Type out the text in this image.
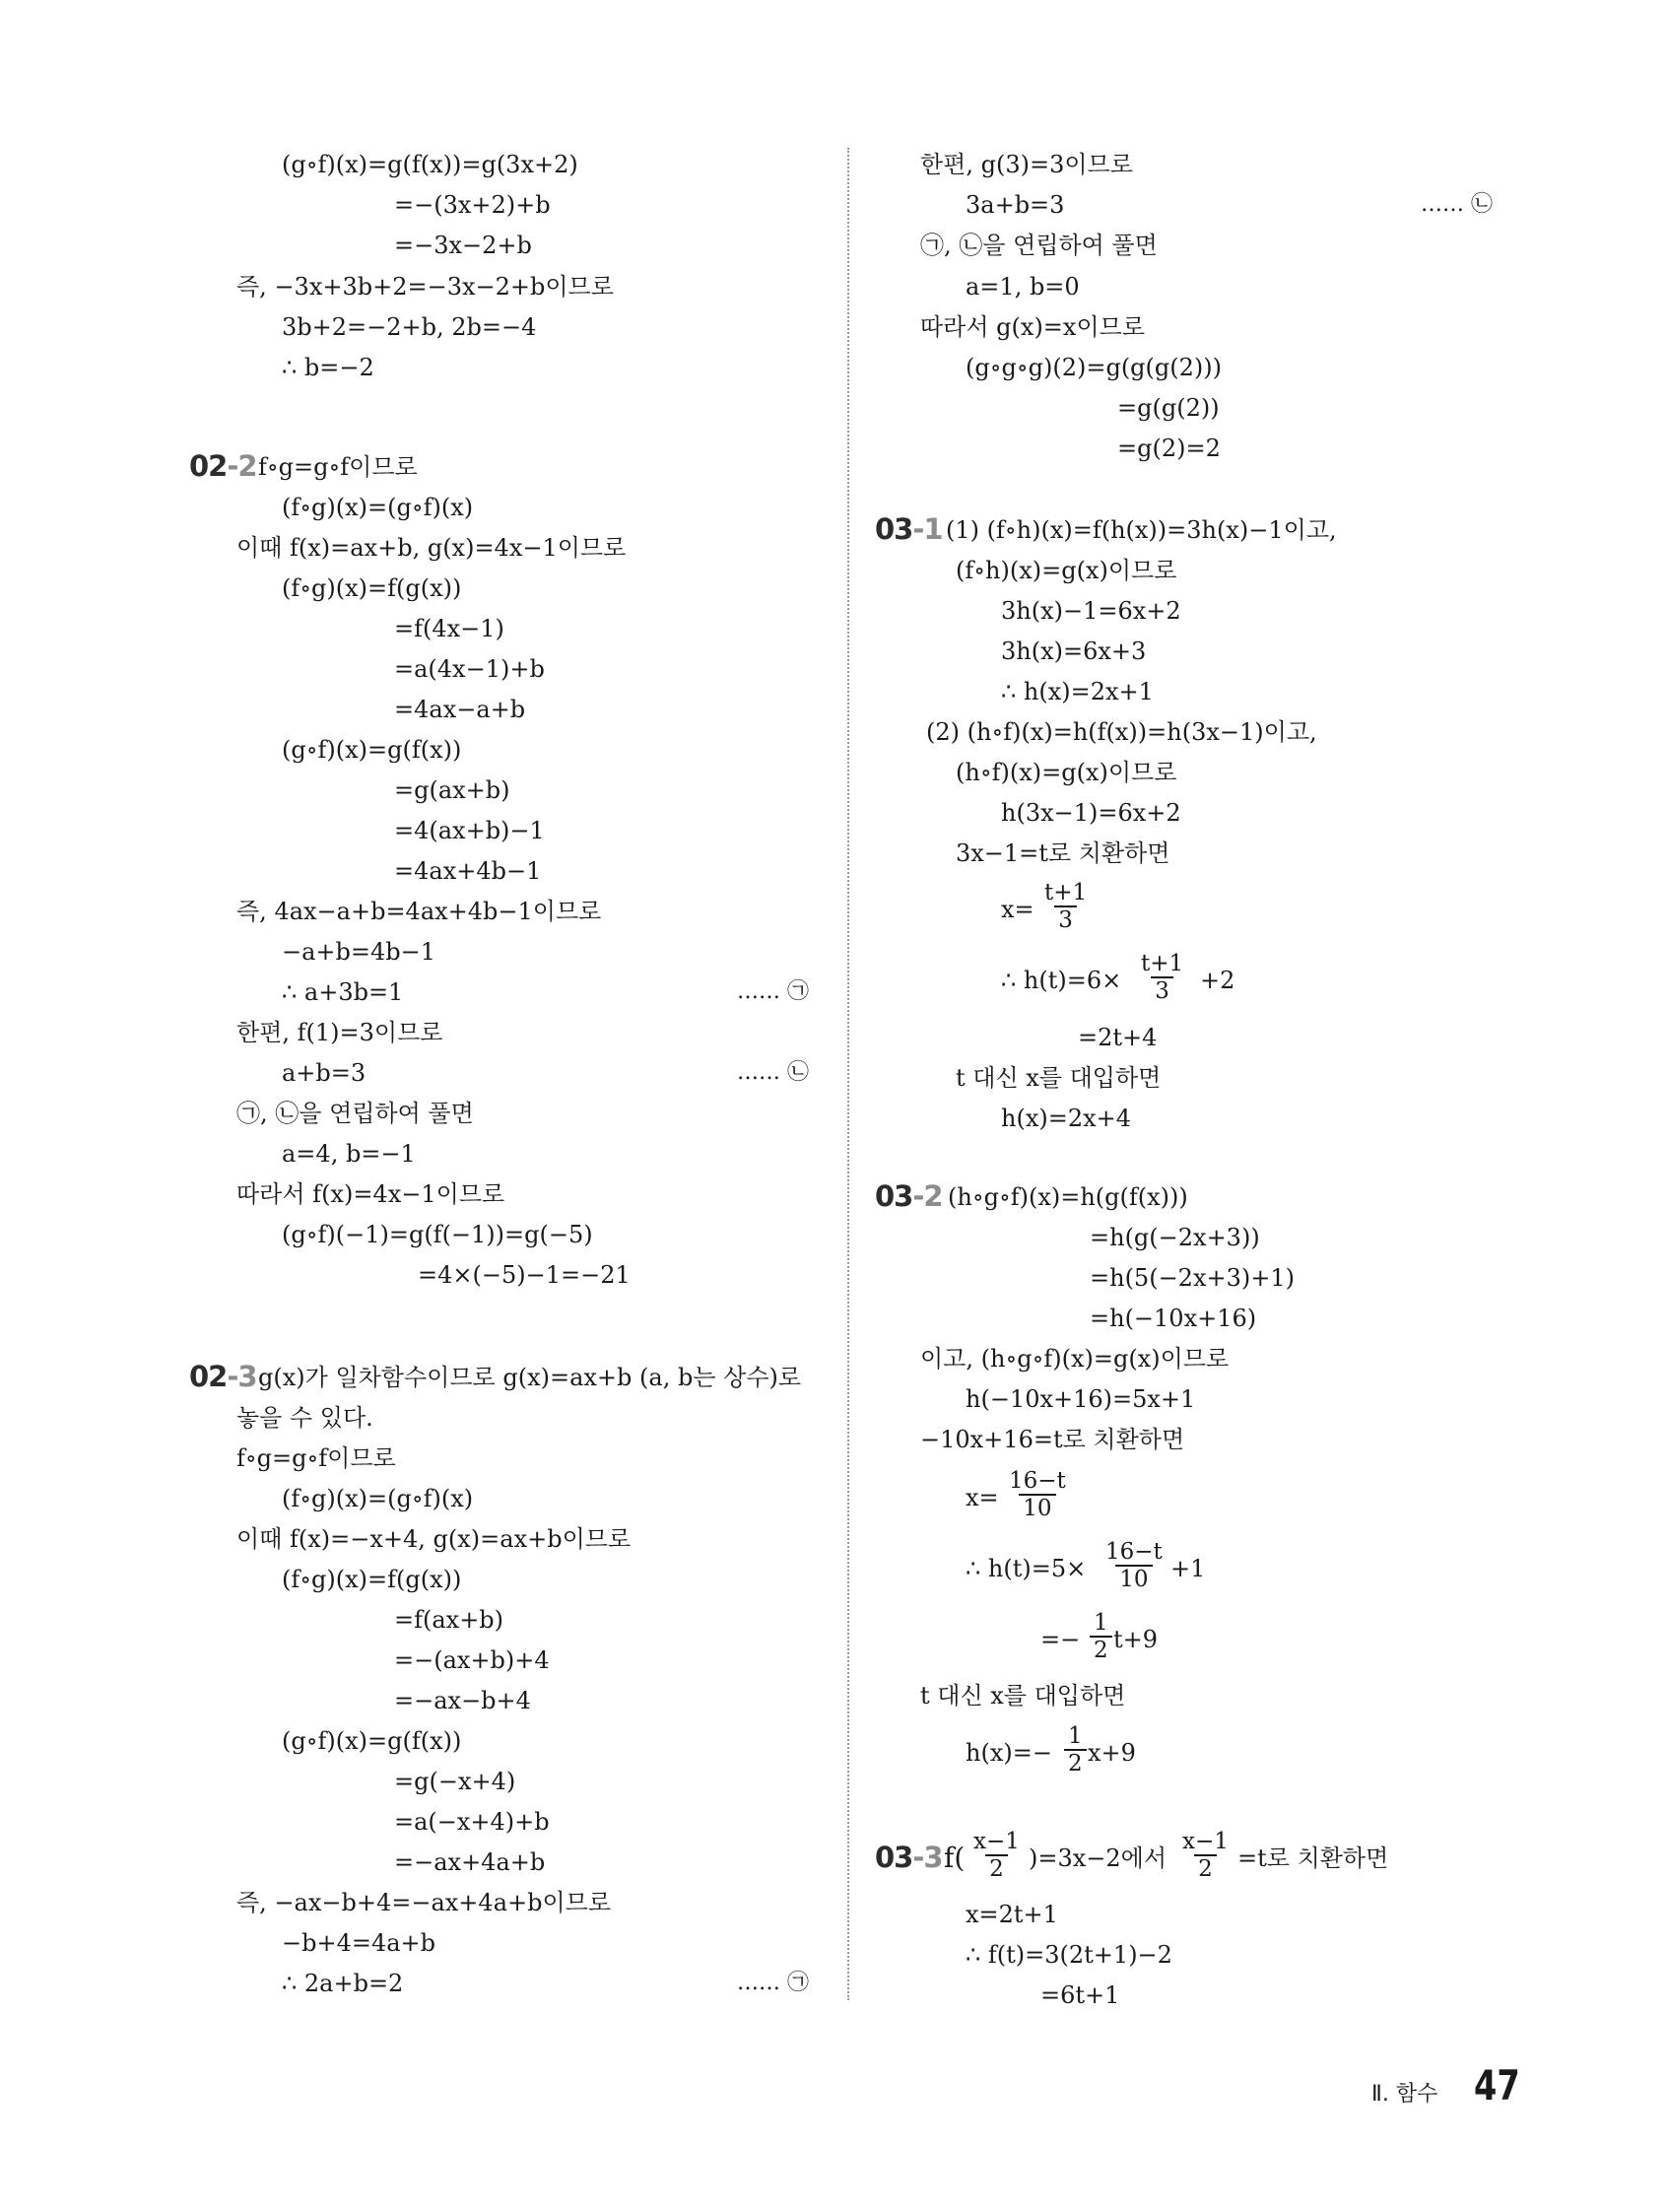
(g∘f)(x)=g(f(x))=g(3x+2)
=−(3x+2)+b
=−3x−2+b
즉, −3x+3b+2=−3x−2+b이므로
3b+2=−2+b, 2b=−4
∴ b=−2
02-2 f∘g=g∘f이므로
(f∘g)(x)=(g∘f)(x)
이때 f(x)=ax+b, g(x)=4x−1이므로
(f∘g)(x)=f(g(x))
=f(4x−1)
=a(4x−1)+b
=4ax−a+b
(g∘f)(x)=g(f(x))
=g(ax+b)
=4(ax+b)−1
=4ax+4b−1
즉, 4ax−a+b=4ax+4b−1이므로
−a+b=4b−1
∴ a+3b=1	…… ㉠
한편, f(1)=3이므로
a+b=3	…… ㉡
㉠, ㉡을 연립하여 풀면
a=4, b=−1
따라서 f(x)=4x−1이므로
(g∘f)(−1)=g(f(−1))=g(−5)
=4×(−5)−1=−21
02-3 g(x)가 일차함수이므로 g(x)=ax+b (a, b는 상수)로
놓을 수 있다.
f∘g=g∘f이므로
(f∘g)(x)=(g∘f)(x)
이때 f(x)=−x+4, g(x)=ax+b이므로
(f∘g)(x)=f(g(x))
=f(ax+b)
=−(ax+b)+4
=−ax−b+4
(g∘f)(x)=g(f(x))
=g(−x+4)
=a(−x+4)+b
=−ax+4a+b
즉, −ax−b+4=−ax+4a+b이므로
−b+4=4a+b
∴ 2a+b=2	…… ㉠
한편, g(3)=3이므로
3a+b=3	…… ㉡
㉠, ㉡을 연립하여 풀면
a=1, b=0
따라서 g(x)=x이므로
(g∘g∘g)(2)=g(g(g(2)))
=g(g(2))
=g(2)=2
03-1 (1) (f∘h)(x)=f(h(x))=3h(x)−1이고,
(f∘h)(x)=g(x)이므로
3h(x)−1=6x+2
3h(x)=6x+3
∴ h(x)=2x+1
(2) (h∘f)(x)=h(f(x))=h(3x−1)이고,
(h∘f)(x)=g(x)이므로
h(3x−1)=6x+2
3x−1=t로 치환하면
$x= \frac{t+1}{3}$
∴ $h(t)=6\times \frac{t+1}{3} +2$
=2t+4
t 대신 x를 대입하면
h(x)=2x+4
03-2 (h∘g∘f)(x)=h(g(f(x)))
=h(g(−2x+3))
=h(5(−2x+3)+1)
=h(−10x+16)
이고, (h∘g∘f)(x)=g(x)이므로
h(−10x+16)=5x+1
−10x+16=t로 치환하면
$x= \frac{16-t}{10}$
∴ $h(t)=5\times \frac{16-t}{10} +1$
=− $\frac{1}{2} t+9$
t 대신 x를 대입하면
$h(x)=- \frac{1}{2} x+9$
03-3 $f( \frac{x-1}{2} )=3x-2$에서 $\frac{x-1}{2} =t$로 치환하면
x=2t+1
∴ f(t)=3(2t+1)−2
=6t+1
Ⅱ. 함수 47
